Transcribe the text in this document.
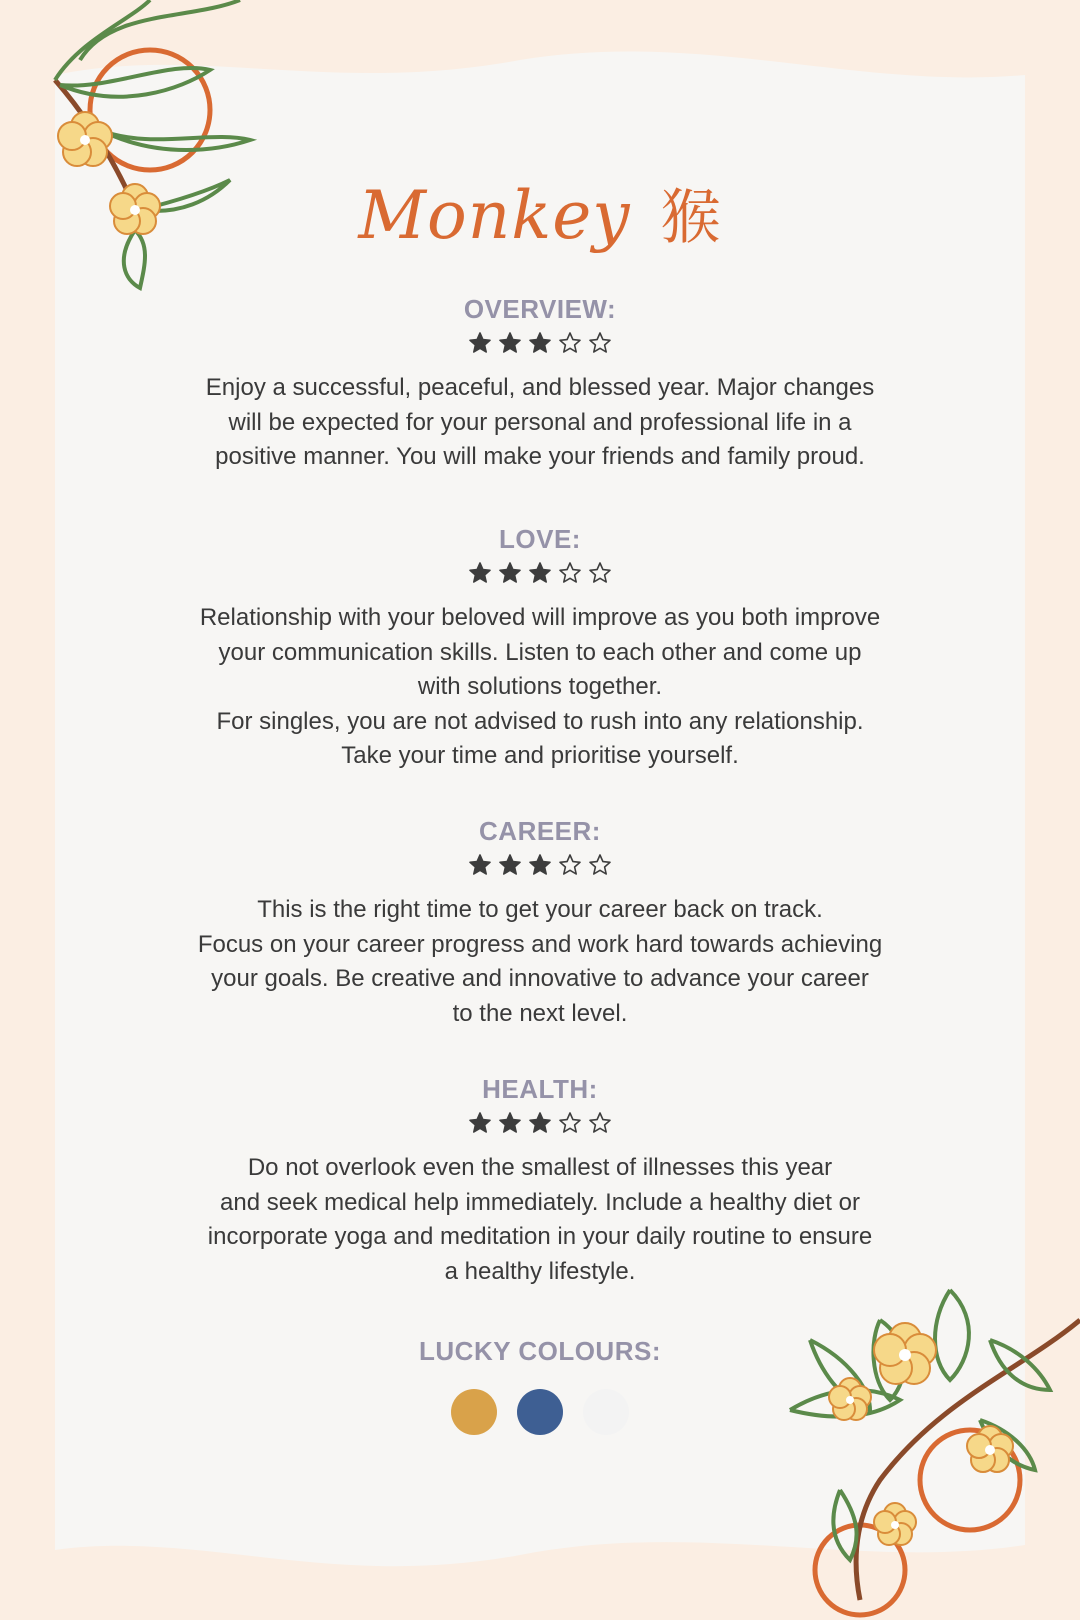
Monkey 猴
OVERVIEW:
Enjoy a successful, peaceful, and blessed year. Major changes
will be expected for your personal and professional life in a
positive manner. You will make your friends and family proud.
LOVE:
Relationship with your beloved will improve as you both improve
your communication skills. Listen to each other and come up
with solutions together.
For singles, you are not advised to rush into any relationship.
Take your time and prioritise yourself.
CAREER:
This is the right time to get your career back on track.
Focus on your career progress and work hard towards achieving
your goals. Be creative and innovative to advance your career
to the next level.
HEALTH:
Do not overlook even the smallest of illnesses this year
and seek medical help immediately. Include a healthy diet or
incorporate yoga and meditation in your daily routine to ensure
a healthy lifestyle.
LUCKY COLOURS:
